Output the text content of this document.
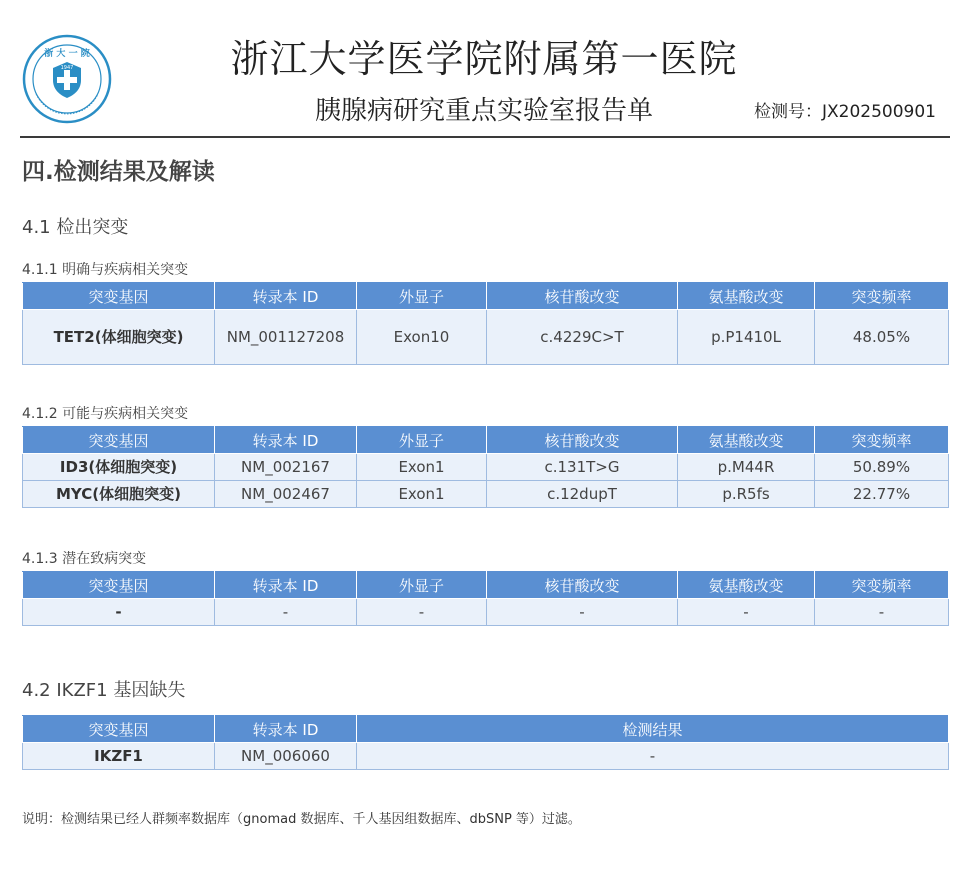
浙 大 一 院
1947	浙江大学医学院附属第一医院
胰腺病研究重点实验室报告单	检测号：JX202500901
四.检测结果及解读
4.1 检出突变
4.1.1 明确与疾病相关突变
突变基因	转录本 ID	外显子	核苷酸改变	氨基酸改变	突变频率
TET2(体细胞突变)	NM_001127208	Exon10	c.4229C>T	p.P1410L	48.05%
4.1.2 可能与疾病相关突变
突变基因	转录本 ID	外显子	核苷酸改变	氨基酸改变	突变频率
ID3(体细胞突变)	NM_002167	Exon1	c.131T>G	p.M44R	50.89%
MYC(体细胞突变)	NM_002467	Exon1	c.12dupT	p.R5fs	22.77%
4.1.3 潜在致病突变
突变基因	转录本 ID	外显子	核苷酸改变	氨基酸改变	突变频率
-	-	-	-	-	-
4.2 IKZF1 基因缺失
突变基因	转录本 ID	检测结果
IKZF1	NM_006060	-
说明：检测结果已经人群频率数据库（gnomad 数据库、千人基因组数据库、dbSNP 等）过滤。
